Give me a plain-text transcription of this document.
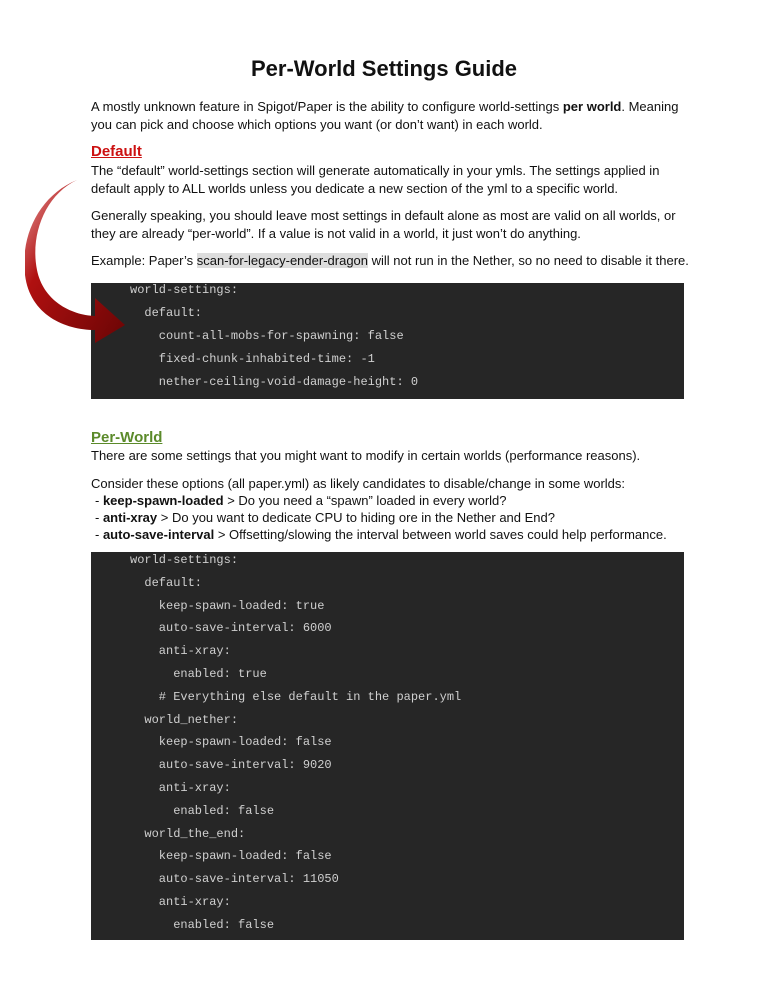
Per-World Settings Guide
A mostly unknown feature in Spigot/Paper is the ability to configure world-settings per world. Meaning you can pick and choose which options you want (or don’t want) in each world.
Default
The “default” world-settings section will generate automatically in your ymls. The settings applied in default apply to ALL worlds unless you dedicate a new section of the yml to a specific world.
Generally speaking, you should leave most settings in default alone as most are valid on all worlds, or they are already “per-world”. If a value is not valid in a world, it just won’t do anything.
Example: Paper’s scan-for-legacy-ender-dragon will not run in the Nether, so no need to disable it there.
world-settings:
default:
count-all-mobs-for-spawning: false
fixed-chunk-inhabited-time: -1
nether-ceiling-void-damage-height: 0
Per-World
There are some settings that you might want to modify in certain worlds (performance reasons).
Consider these options (all paper.yml) as likely candidates to disable/change in some worlds:
- keep-spawn-loaded > Do you need a “spawn” loaded in every world?
- anti-xray > Do you want to dedicate CPU to hiding ore in the Nether and End?
- auto-save-interval > Offsetting/slowing the interval between world saves could help performance.
world-settings:
default:
keep-spawn-loaded: true
auto-save-interval: 6000
anti-xray:
enabled: true
# Everything else default in the paper.yml
world_nether:
keep-spawn-loaded: false
auto-save-interval: 9020
anti-xray:
enabled: false
world_the_end:
keep-spawn-loaded: false
auto-save-interval: 11050
anti-xray:
enabled: false
